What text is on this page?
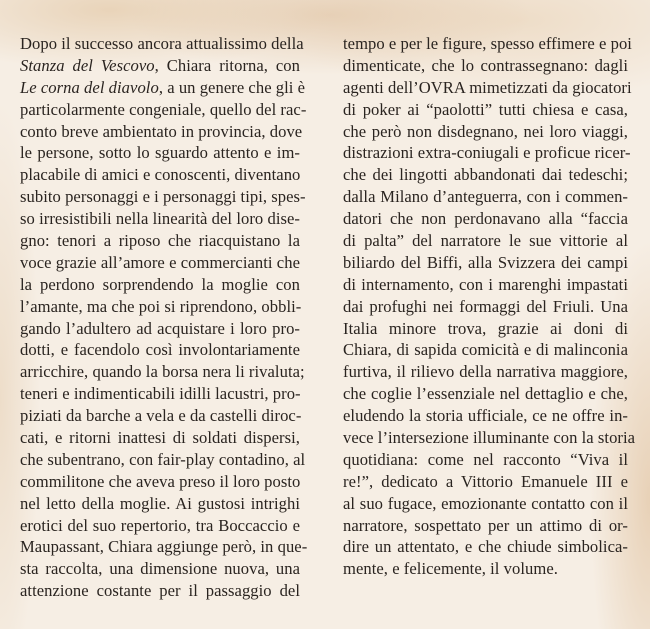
Dopo il successo ancora attualissimo della
Stanza del Vescovo, Chiara ritorna, con
Le corna del diavolo, a un genere che gli è
particolarmente congeniale, quello del rac-
conto breve ambientato in provincia, dove
le persone, sotto lo sguardo attento e im-
placabile di amici e conoscenti, diventano
subito personaggi e i personaggi tipi, spes-
so irresistibili nella linearità del loro dise-
gno: tenori a riposo che riacquistano la
voce grazie all’amore e commercianti che
la perdono sorprendendo la moglie con
l’amante, ma che poi si riprendono, obbli-
gando l’adultero ad acquistare i loro pro-
dotti, e facendolo così involontariamente
arricchire, quando la borsa nera li rivaluta;
teneri e indimenticabili idilli lacustri, pro-
piziati da barche a vela e da castelli diroc-
cati, e ritorni inattesi di soldati dispersi,
che subentrano, con fair-play contadino, al
commilitone che aveva preso il loro posto
nel letto della moglie. Ai gustosi intrighi
erotici del suo repertorio, tra Boccaccio e
Maupassant, Chiara aggiunge però, in que-
sta raccolta, una dimensione nuova, una
attenzione costante per il passaggio del
tempo e per le figure, spesso effimere e poi
dimenticate, che lo contrassegnano: dagli
agenti dell’OVRA mimetizzati da giocatori
di poker ai “paolotti” tutti chiesa e casa,
che però non disdegnano, nei loro viaggi,
distrazioni extra-coniugali e proficue ricer-
che dei lingotti abbandonati dai tedeschi;
dalla Milano d’anteguerra, con i commen-
datori che non perdonavano alla “faccia
di palta” del narratore le sue vittorie al
biliardo del Biffi, alla Svizzera dei campi
di internamento, con i marenghi impastati
dai profughi nei formaggi del Friuli. Una
Italia minore trova, grazie ai doni di
Chiara, di sapida comicità e di malinconia
furtiva, il rilievo della narrativa maggiore,
che coglie l’essenziale nel dettaglio e che,
eludendo la storia ufficiale, ce ne offre in-
vece l’intersezione illuminante con la storia
quotidiana: come nel racconto “Viva il
re!”, dedicato a Vittorio Emanuele III e
al suo fugace, emozionante contatto con il
narratore, sospettato per un attimo di or-
dire un attentato, e che chiude simbolica-
mente, e felicemente, il volume.
